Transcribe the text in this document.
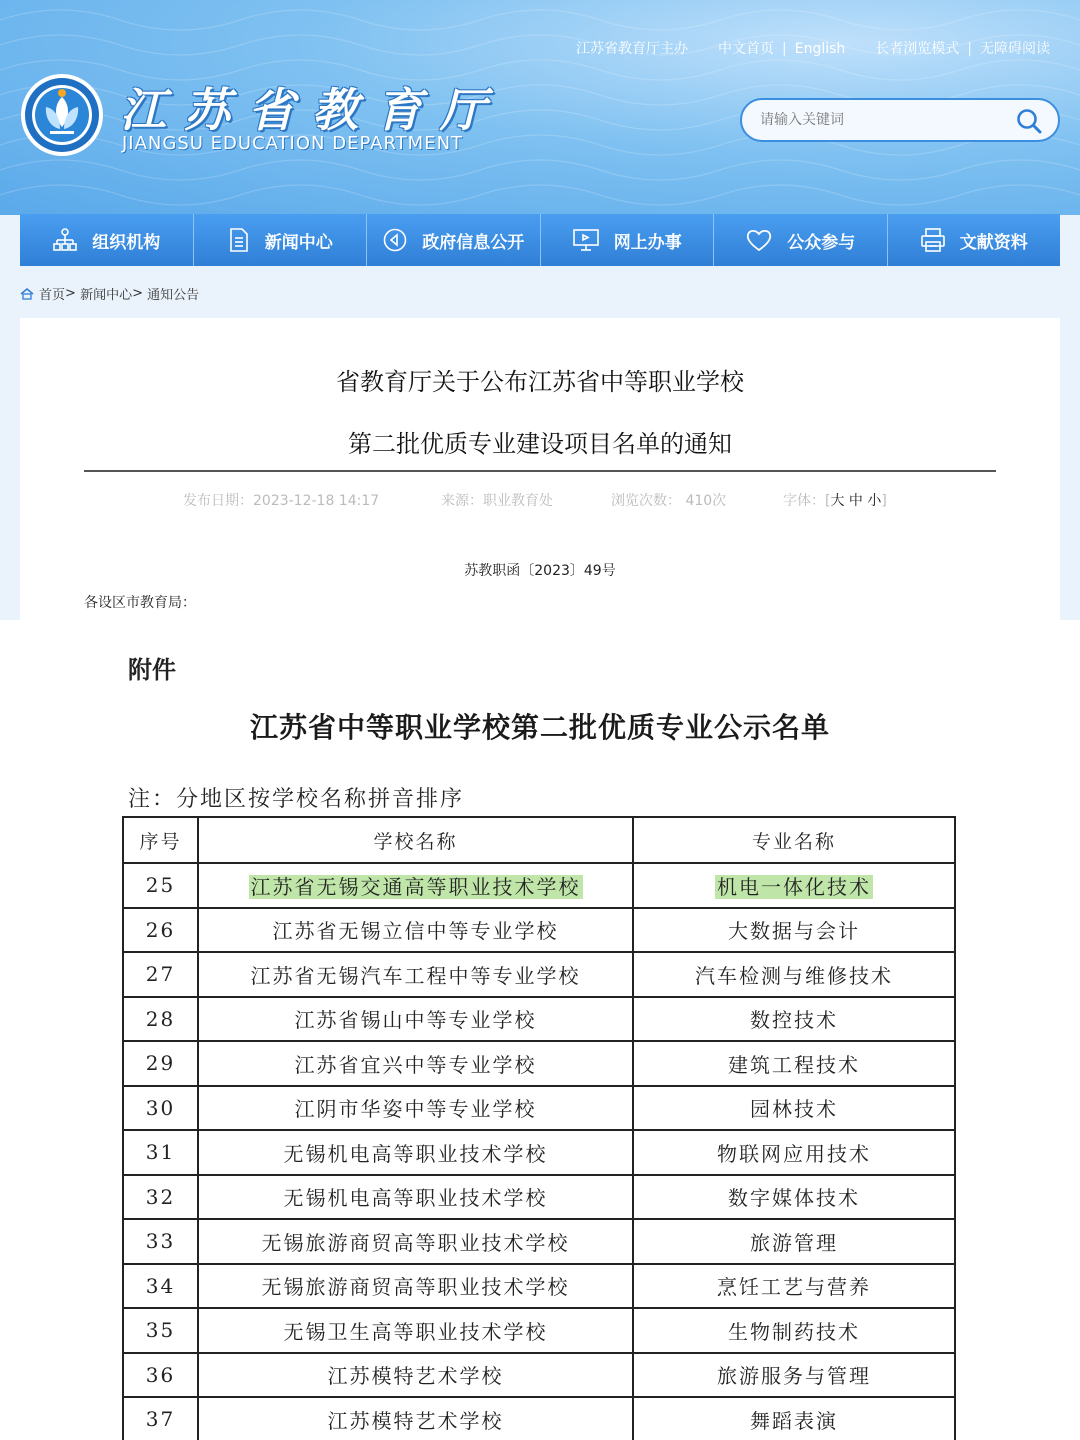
江苏省教育厅主办 中文首页 | English 长者浏览模式 | 无障碍阅读
江苏省教育厅
JIANGSU EDUCATION DEPARTMENT
请输入关键词
组织机构	新闻中心	政府信息公开	网上办事	公众参与	文献资料
首页 >
新闻中心 >
通知公告
省教育厅关于公布江苏省中等职业学校
第二批优质专业建设项目名单的通知
发布日期：2023-12-18 14:17	来源：职业教育处	浏览次数： 410次	字体：[大 中 小]
苏教职函〔2023〕49号
各设区市教育局：
附件
江苏省中等职业学校第二批优质专业公示名单
注：分地区按学校名称拼音排序
序号	学校名称	专业名称
25	江苏省无锡交通高等职业技术学校	机电一体化技术
26	江苏省无锡立信中等专业学校	大数据与会计
27	江苏省无锡汽车工程中等专业学校	汽车检测与维修技术
28	江苏省锡山中等专业学校	数控技术
29	江苏省宜兴中等专业学校	建筑工程技术
30	江阴市华姿中等专业学校	园林技术
31	无锡机电高等职业技术学校	物联网应用技术
32	无锡机电高等职业技术学校	数字媒体技术
33	无锡旅游商贸高等职业技术学校	旅游管理
34	无锡旅游商贸高等职业技术学校	烹饪工艺与营养
35	无锡卫生高等职业技术学校	生物制药技术
36	江苏模特艺术学校	旅游服务与管理
37	江苏模特艺术学校	舞蹈表演
